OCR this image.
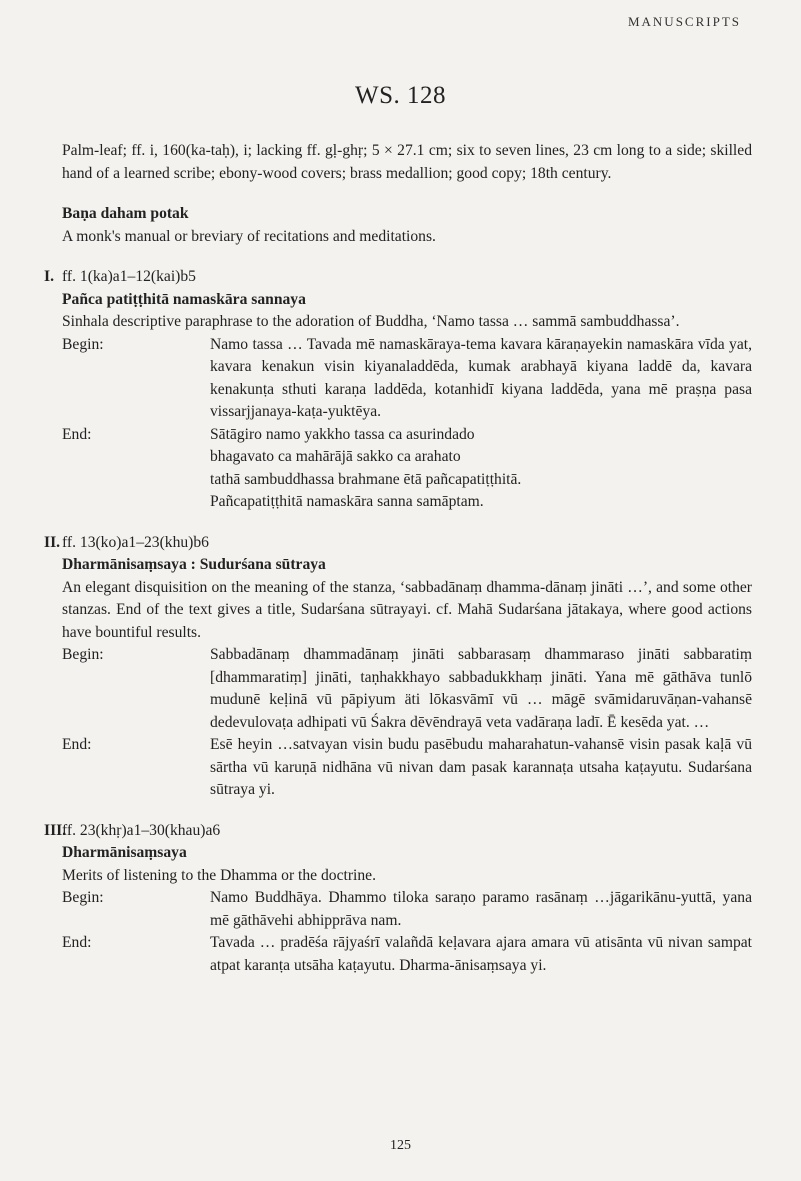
MANUSCRIPTS
WS. 128

Palm-leaf; ff. i, 160(ka-taḥ), i; lacking ff. gḷ-ghṛ; 5 × 27.1 cm; six to seven lines, 23 cm long to a side; skilled hand of a learned scribe; ebony-wood covers; brass medallion; good copy; 18th century.

Baṇa daham potak

A monk's manual or breviary of recitations and meditations.

I. ff. 1(ka)a1–12(kai)b5

Pañca patiṭṭhitā namaskāra sannaya

Sinhala descriptive paraphrase to the adoration of Buddha, ‘Namo tassa … sammā sambuddhassa’.

Begin:	Namo tassa … Tavada mē namaskāraya-tema kavara kāraṇayekin namaskāra vīda yat, kavara kenakun visin kiyanaladdēda, kumak arabhayā kiyana laddē da, kavara kenakunṭa sthuti karaṇa laddēda, kotanhidī kiyana laddēda, yana mē praṣṇa pasa vissarjjanaya-kaṭa-yuktēya.
End:	Sātāgiro namo yakkho tassa ca asurindado
bhagavato ca mahārājā sakko ca arahato
tathā sambuddhassa brahmane ētā pañcapatiṭṭhitā.
Pañcapatiṭṭhitā namaskāra sanna samāptam.

II. ff. 13(ko)a1–23(khu)b6

Dharmānisaṃsaya : Sudurśana sūtraya

An elegant disquisition on the meaning of the stanza, ‘sabbadānaṃ dhamma-dānaṃ jināti …’, and some other stanzas. End of the text gives a title, Sudarśana sūtrayayi. cf. Mahā Sudarśana jātakaya, where good actions have bountiful results.

Begin:	Sabbadānaṃ dhammadānaṃ jināti sabbarasaṃ dhammaraso jināti sabbaratiṃ [dhammaratiṃ] jināti, taṇhakkhayo sabbadukkhaṃ jināti. Yana mē gāthāva tunlō mudunē keḷinā vū pāpiyum äti lōkasvāmī vū … māgē svāmidaruvāṇan-vahansē dedevulovaṭa adhipati vū Śakra dēvēndrayā veta vadāraṇa ladī. Ē kesēda yat. …
End:	Esē heyin …satvayan visin budu pasēbudu maharahatun-vahansē visin pasak kaḷā vū sārtha vū karuṇā nidhāna vū nivan dam pasak karannaṭa utsaha kaṭayutu. Sudarśana sūtraya yi.

III.ff. 23(khṛ)a1–30(khau)a6

Dharmānisaṃsaya

Merits of listening to the Dhamma or the doctrine.

Begin:	Namo Buddhāya. Dhammo tiloka saraṇo paramo rasānaṃ …jāgarikānu-yuttā, yana mē gāthāvehi abhipprāva nam.
End:	Tavada … pradēśa rājyaśrī valañdā keḷavara ajara amara vū atisānta vū nivan sampat atpat karanṭa utsāha kaṭayutu. Dharma-ānisaṃsaya yi.
125
